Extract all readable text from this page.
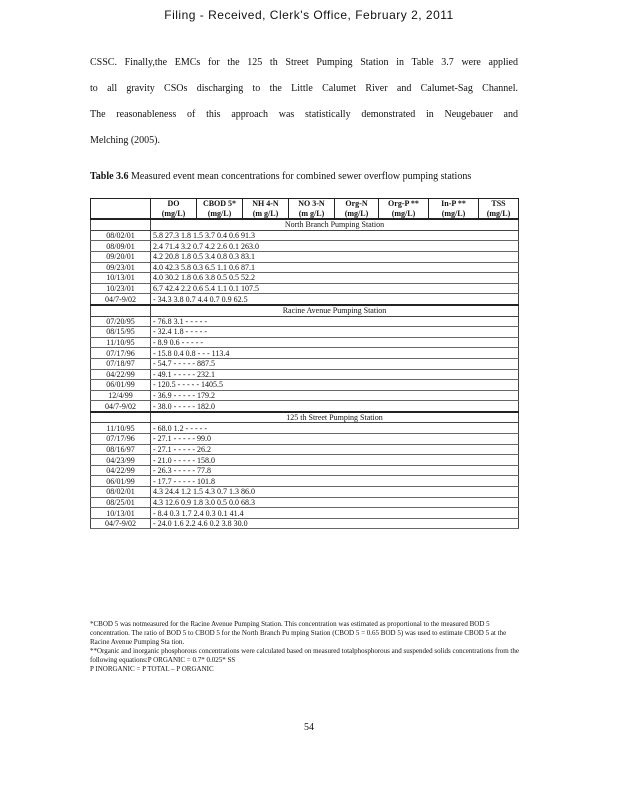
Filing - Received, Clerk's Office, February 2, 2011
CSSC. Finally,the EMCs for the 125 th Street Pumping Station in Table 3.7 were applied
to all gravity CSOs discharging to the Little Calumet River and Calumet-Sag Channel.
The reasonableness of this approach was statistically demonstrated in Neugebauer and
Melching (2005).
Table 3.6 Measured event mean concentrations for combined sewer overflow pumping stations
	DO	CBOD 5*	NH 4-N	NO 3-N	Org-N	Org-P **	In-P **	TSS
	(mg/L)	(mg/L)	(m g/L)	(m g/L)	(mg/L)	(mg/L)	(mg/L)	(mg/L)
	North Branch Pumping Station							
08/02/01	5.8 27.3 1.8 1.5 3.7 0.4 0.6 91.3							
08/09/01	2.4 71.4 3.2 0.7 4.2 2.6 0.1 263.0							
09/20/01	4.2 20.8 1.8 0.5 3.4 0.8 0.3 83.1							
09/23/01	4.0 42.3 5.8 0.3 6.5 1.1 0.6 87.1							
10/13/01	4.0 30.2 1.8 0.6 3.8 0.5 0.5 52.2							
10/23/01	6.7 42.4 2.2 0.6 5.4 1.1 0.1 107.5							
04/7-9/02	- 34.3 3.8 0.7 4.4 0.7 0.9 62.5							
	Racine Avenue Pumping Station							
07/20/95	- 76.8 3.1 - - - - -							
08/15/95	- 32.4 1.8 - - - - -							
11/10/95	- 8.9 0.6 - - - - -							
07/17/96	- 15.8 0.4 0.8 - - - 113.4							
07/18/97	- 54.7 - - - - - 887.5							
04/22/99	- 49.1 - - - - - 232.1							
06/01/99	- 120.5 - - - - - 1405.5							
12/4/99	- 36.9 - - - - - 179.2							
04/7-9/02	- 38.0 - - - - - 182.0							
	125 th Street Pumping Station							
11/10/95	- 68.0 1.2 - - - - -							
07/17/96	- 27.1 - - - - - 99.0							
08/16/97	- 27.1 - - - - - 26.2							
04/23/99	- 21.0 - - - - - 158.0							
04/22/99	- 26.3 - - - - - 77.8							
06/01/99	- 17.7 - - - - - 101.8							
08/02/01	4.3 24.4 1.2 1.5 4.3 0.7 1.3 86.0							
08/25/01	4.3 12.6 0.9 1.8 3.0 0.5 0.0 68.3							
10/13/01	- 8.4 0.3 1.7 2.4 0.3 0.1 41.4							
04/7-9/02	- 24.0 1.6 2.2 4.6 0.2 3.8 30.0							
*CBOD 5 was notmeasured for the Racine Avenue Pumping Station. This concentration was estimated as proportional to the measured BOD 5 concentration. The ratio of BOD 5 to CBOD 5 for the North Branch Pu mping Station (CBOD 5 = 0.65 BOD 5) was used to estimate CBOD 5 at the Racine Avenue Pumping Sta tion.
**Organic and inorganic phosphorous concentrations were calculated based on measured totalphosphorous and suspended solids concentrations from the following equations:P ORGANIC = 0.7* 0.025* SS
P INORGANIC = P TOTAL – P ORGANIC
54
